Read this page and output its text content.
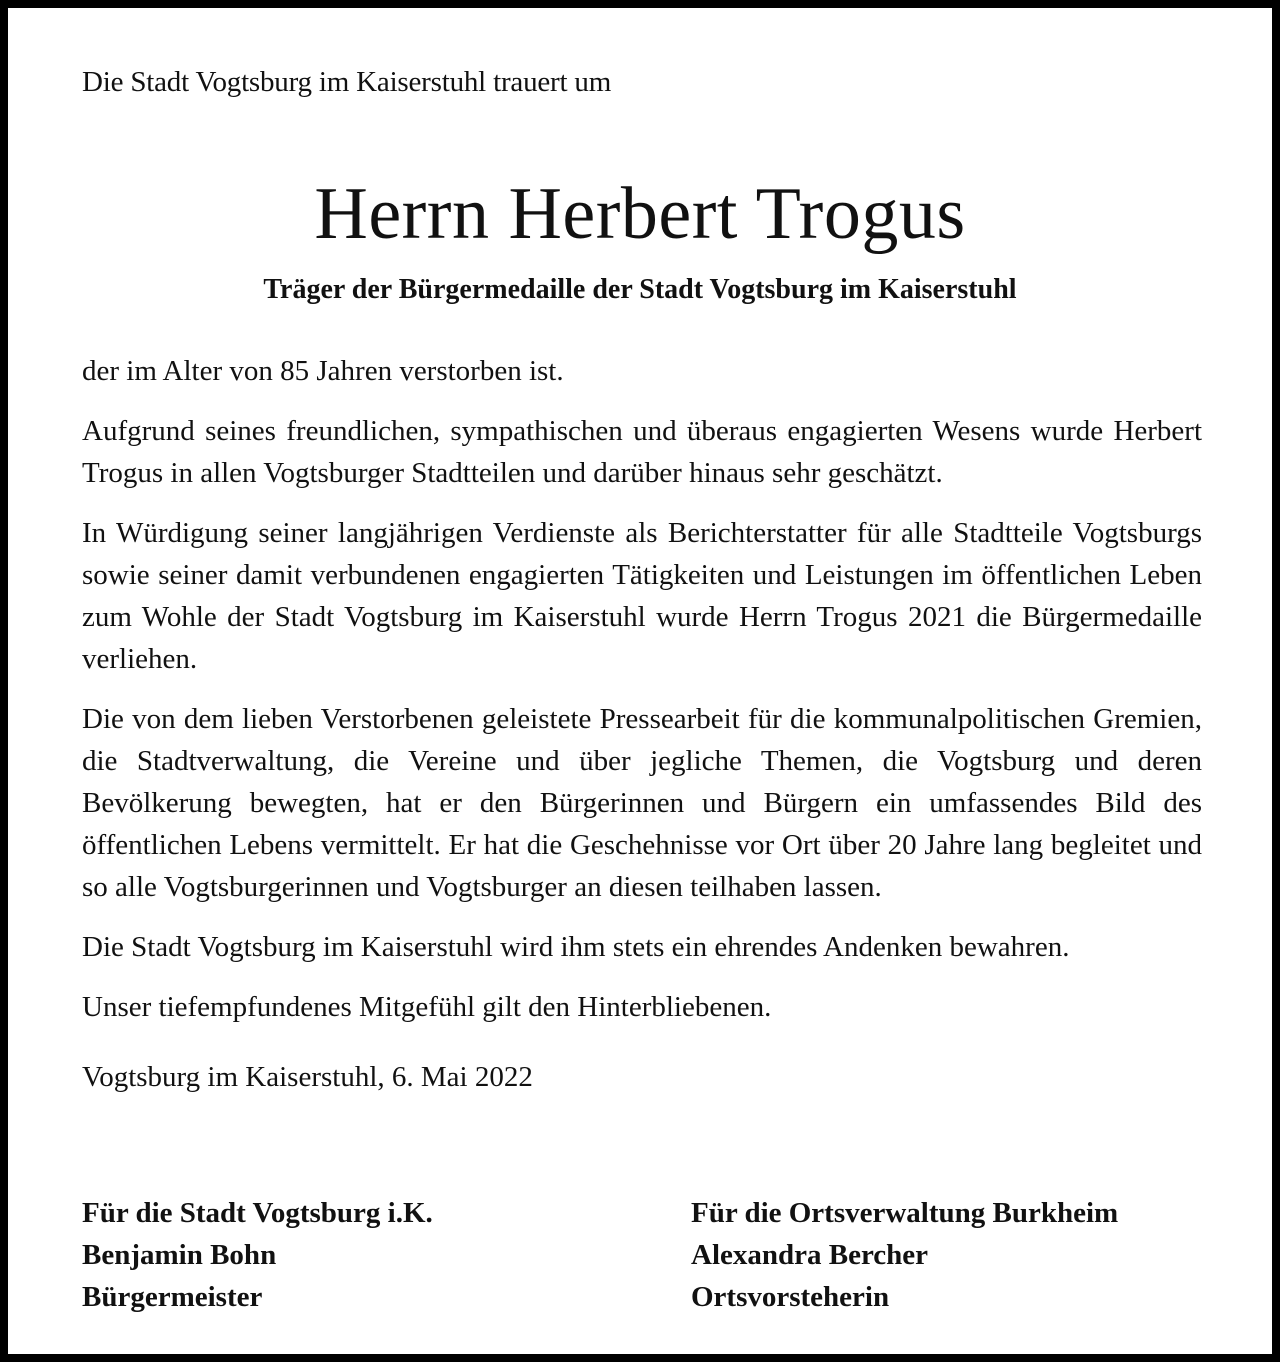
Die Stadt Vogtsburg im Kaiserstuhl trauert um
Herrn Herbert Trogus
Träger der Bürgermedaille der Stadt Vogtsburg im Kaiserstuhl

der im Alter von 85 Jahren verstorben ist.

Aufgrund seines freundlichen, sympathischen und überaus engagierten Wesens wurde Herbert Trogus in allen Vogtsburger Stadtteilen und darüber hinaus sehr geschätzt.

In Würdigung seiner langjährigen Verdienste als Berichterstatter für alle Stadtteile Vogtsburgs sowie seiner damit verbundenen engagierten Tätigkeiten und Leistungen im öffentlichen Leben zum Wohle der Stadt Vogtsburg im Kaiserstuhl wurde Herrn Trogus 2021 die Bürgermedaille verliehen.

Die von dem lieben Verstorbenen geleistete Pressearbeit für die kommunalpolitischen Gremien, die Stadtverwaltung, die Vereine und über jegliche Themen, die Vogtsburg und deren Bevölkerung bewegten, hat er den Bürgerinnen und Bürgern ein umfassendes Bild des öffentlichen Lebens vermittelt. Er hat die Geschehnisse vor Ort über 20 Jahre lang begleitet und so alle Vogtsburgerinnen und Vogtsburger an diesen teilhaben lassen.

Die Stadt Vogtsburg im Kaiserstuhl wird ihm stets ein ehrendes Andenken bewahren.

Unser tiefempfundenes Mitgefühl gilt den Hinterbliebenen.

Vogtsburg im Kaiserstuhl, 6. Mai 2022

Für die Stadt Vogtsburg i.K.
Benjamin Bohn
Bürgermeister
Für die Ortsverwaltung Burkheim
Alexandra Bercher
Ortsvorsteherin
